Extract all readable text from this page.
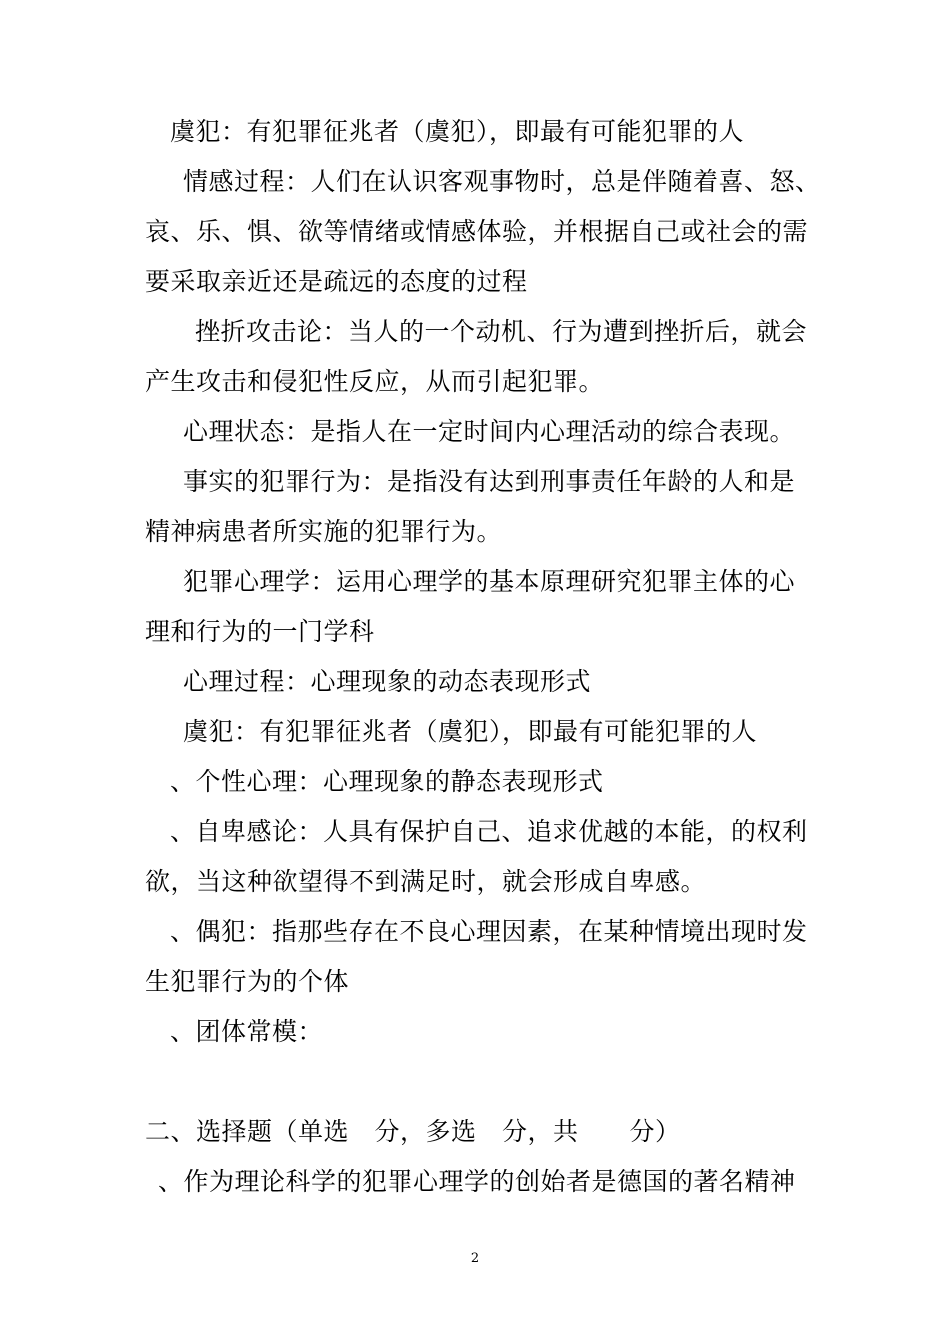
虞犯：有犯罪征兆者（虞犯），即最有可能犯罪的人
情感过程：人们在认识客观事物时，总是伴随着喜、怒、
哀、乐、惧、欲等情绪或情感体验，并根据自己或社会的需
要采取亲近还是疏远的态度的过程
挫折攻击论：当人的一个动机、行为遭到挫折后，就会
产生攻击和侵犯性反应，从而引起犯罪。
心理状态：是指人在一定时间内心理活动的综合表现。
事实的犯罪行为：是指没有达到刑事责任年龄的人和是
精神病患者所实施的犯罪行为。
犯罪心理学：运用心理学的基本原理研究犯罪主体的心
理和行为的一门学科
心理过程：心理现象的动态表现形式
虞犯：有犯罪征兆者（虞犯），即最有可能犯罪的人
、个性心理：心理现象的静态表现形式
、自卑感论：人具有保护自己、追求优越的本能，的权利
欲，当这种欲望得不到满足时，就会形成自卑感。
、偶犯：指那些存在不良心理因素，在某种情境出现时发
生犯罪行为的个体
、团体常模：
二、选择题（单选　分，多选　分，共　　分）
、作为理论科学的犯罪心理学的创始者是德国的著名精神
2
